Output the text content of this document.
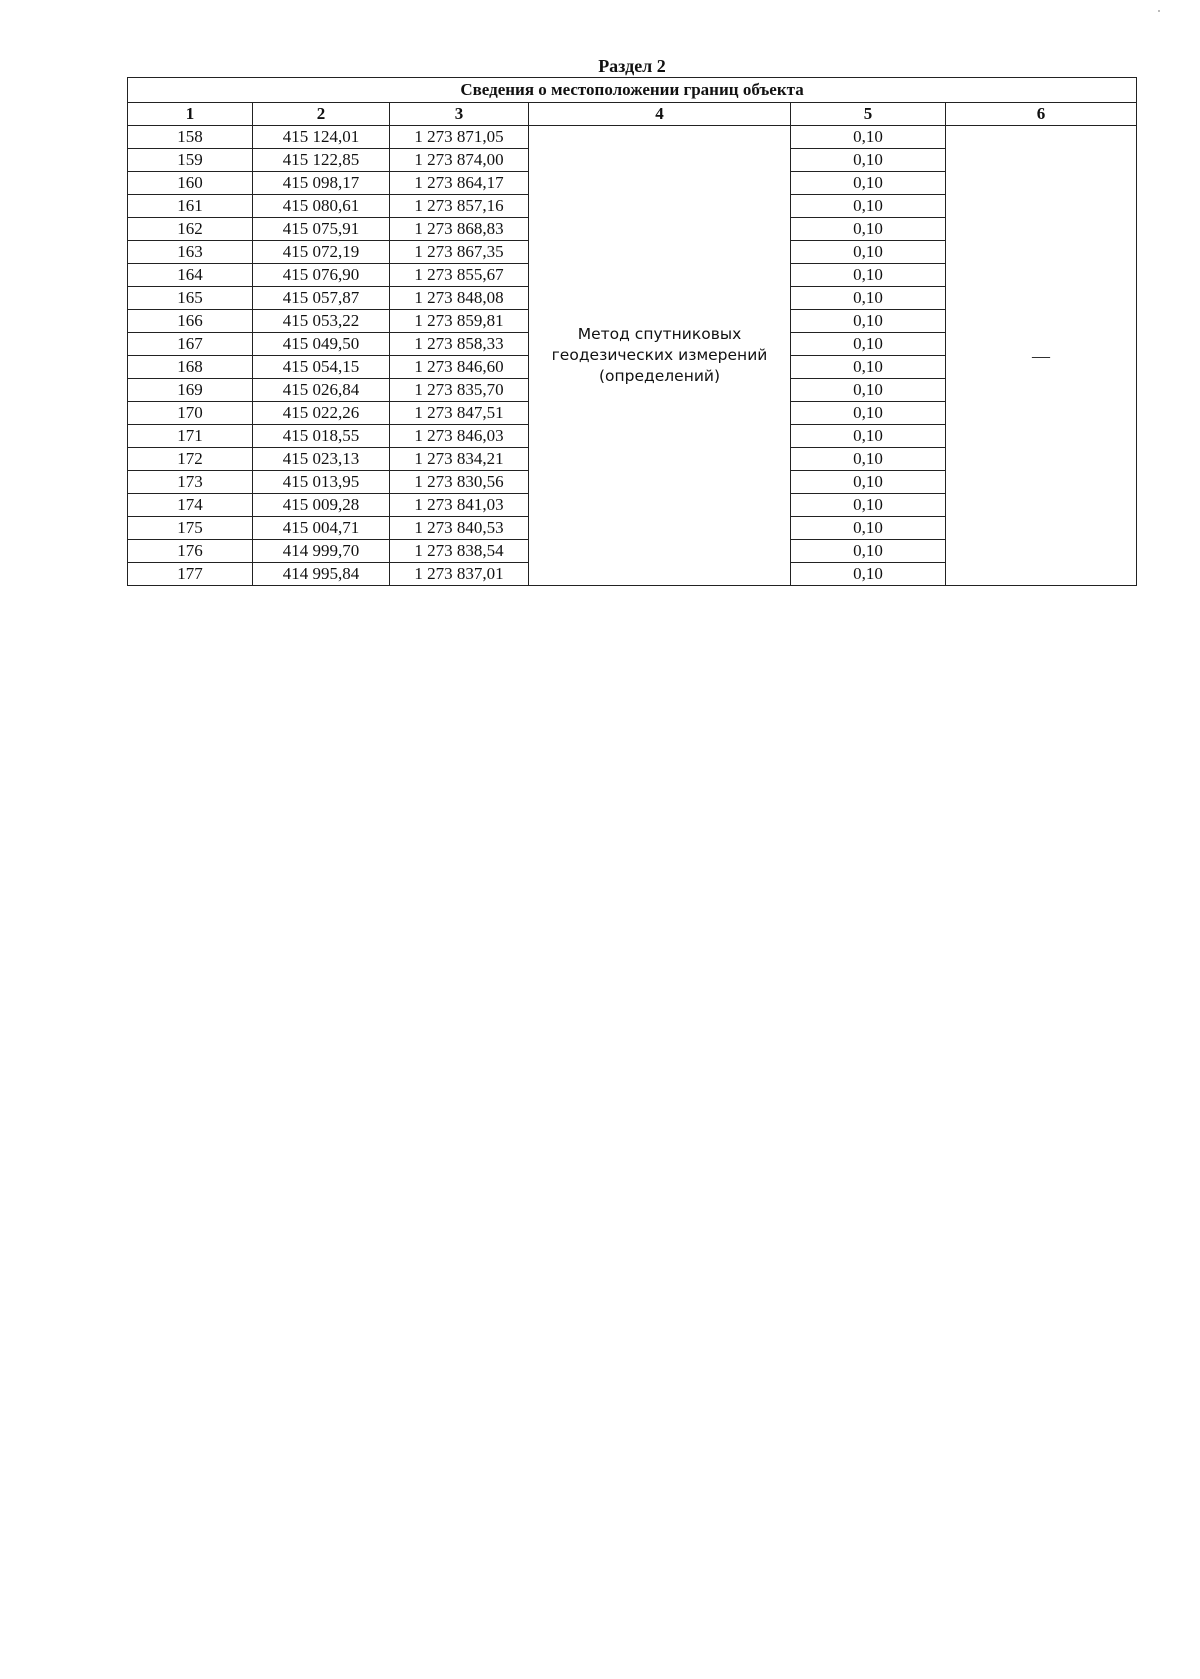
Раздел 2
Сведения о местоположении границ объекта					
1	2	3	4	5	6
158	415 124,01	1 273 871,05	Метод спутниковых геодезических измерений (определений)	0,10	—
159	415 122,85	1 273 874,00		0,10	
160	415 098,17	1 273 864,17		0,10	
161	415 080,61	1 273 857,16		0,10	
162	415 075,91	1 273 868,83		0,10	
163	415 072,19	1 273 867,35		0,10	
164	415 076,90	1 273 855,67		0,10	
165	415 057,87	1 273 848,08		0,10	
166	415 053,22	1 273 859,81		0,10	
167	415 049,50	1 273 858,33		0,10	
168	415 054,15	1 273 846,60		0,10	
169	415 026,84	1 273 835,70		0,10	
170	415 022,26	1 273 847,51		0,10	
171	415 018,55	1 273 846,03		0,10	
172	415 023,13	1 273 834,21		0,10	
173	415 013,95	1 273 830,56		0,10	
174	415 009,28	1 273 841,03		0,10	
175	415 004,71	1 273 840,53		0,10	
176	414 999,70	1 273 838,54		0,10	
177	414 995,84	1 273 837,01		0,10	
